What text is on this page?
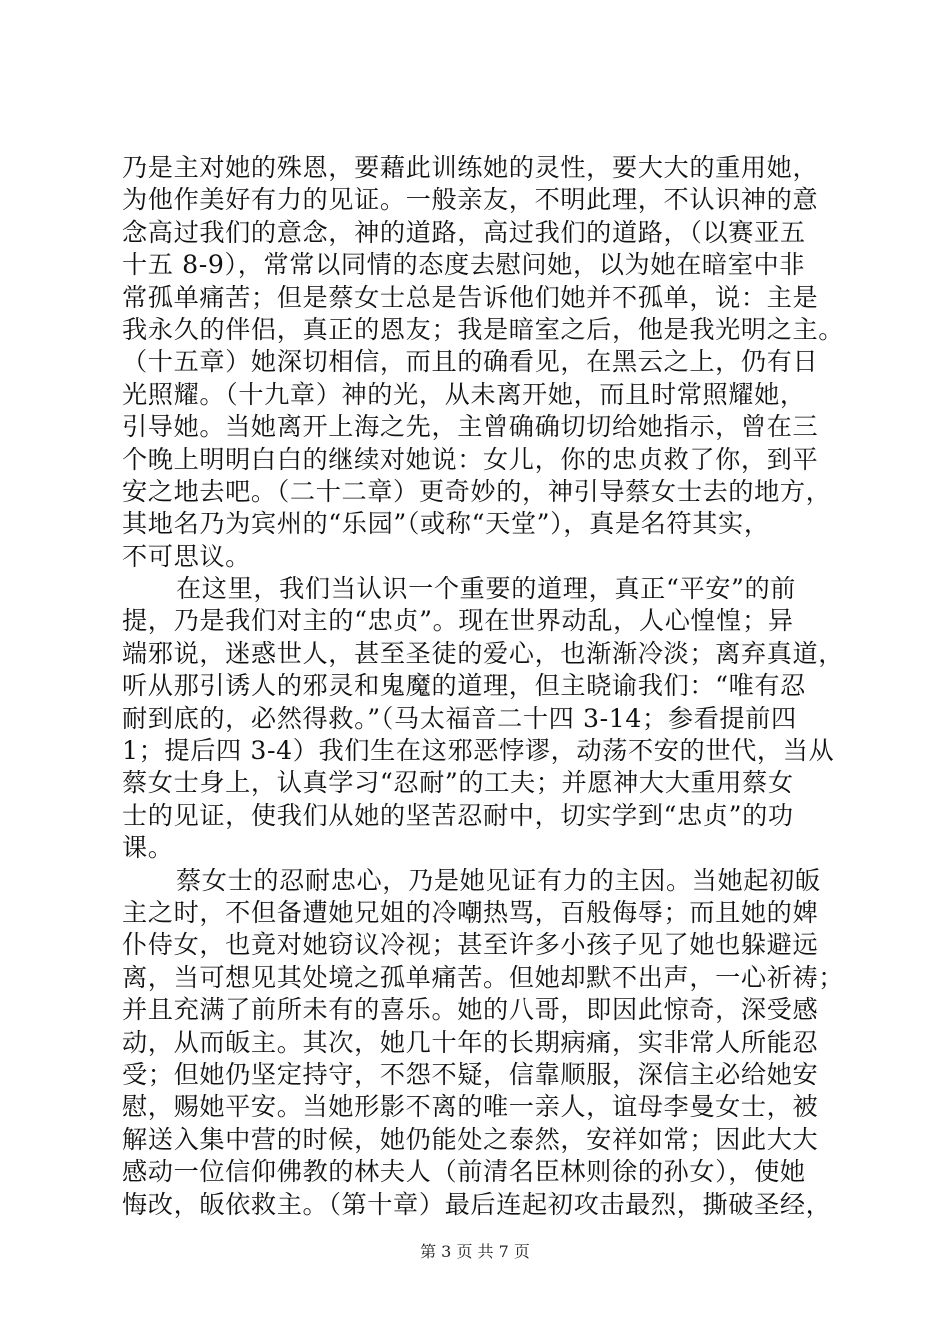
乃是主对她的殊恩，要藉此训练她的灵性，要大大的重用她，
为他作美好有力的见证。一般亲友，不明此理，不认识神的意
念高过我们的意念，神的道路，高过我们的道路，（以赛亚五
十五 8-9），常常以同情的态度去慰问她，以为她在暗室中非
常孤单痛苦；但是蔡女士总是告诉他们她并不孤单，说：主是
我永久的伴侣，真正的恩友；我是暗室之后，他是我光明之主。
（十五章）她深切相信，而且的确看见，在黑云之上，仍有日
光照耀。（十九章）神的光，从未离开她，而且时常照耀她，
引导她。当她离开上海之先，主曾确确切切给她指示，曾在三
个晚上明明白白的继续对她说：女儿，你的忠贞救了你，到平
安之地去吧。（二十二章）更奇妙的，神引导蔡女士去的地方，
其地名乃为宾州的“乐园”（或称“天堂”），真是名符其实，
不可思议。
在这里，我们当认识一个重要的道理，真正“平安”的前
提，乃是我们对主的“忠贞”。现在世界动乱，人心惶惶；异
端邪说，迷惑世人，甚至圣徒的爱心，也渐渐冷淡；离弃真道，
听从那引诱人的邪灵和鬼魔的道理，但主晓谕我们：“唯有忍
耐到底的，必然得救。”（马太福音二十四 3-14；参看提前四
1；提后四 3-4）我们生在这邪恶悖谬，动荡不安的世代，当从
蔡女士身上，认真学习“忍耐”的工夫；并愿神大大重用蔡女
士的见证，使我们从她的坚苦忍耐中，切实学到“忠贞”的功
课。
蔡女士的忍耐忠心，乃是她见证有力的主因。当她起初皈
主之时，不但备遭她兄姐的冷嘲热骂，百般侮辱；而且她的婢
仆侍女，也竟对她窃议冷视；甚至许多小孩子见了她也躲避远
离，当可想见其处境之孤单痛苦。但她却默不出声，一心祈祷；
并且充满了前所未有的喜乐。她的八哥，即因此惊奇，深受感
动，从而皈主。其次，她几十年的长期病痛，实非常人所能忍
受；但她仍坚定持守，不怨不疑，信靠顺服，深信主必给她安
慰，赐她平安。当她形影不离的唯一亲人，谊母李曼女士，被
解送入集中营的时候，她仍能处之泰然，安祥如常；因此大大
感动一位信仰佛教的林夫人（前清名臣林则徐的孙女），使她
悔改，皈依救主。（第十章）最后连起初攻击最烈，撕破圣经，
第 3 页 共 7 页
